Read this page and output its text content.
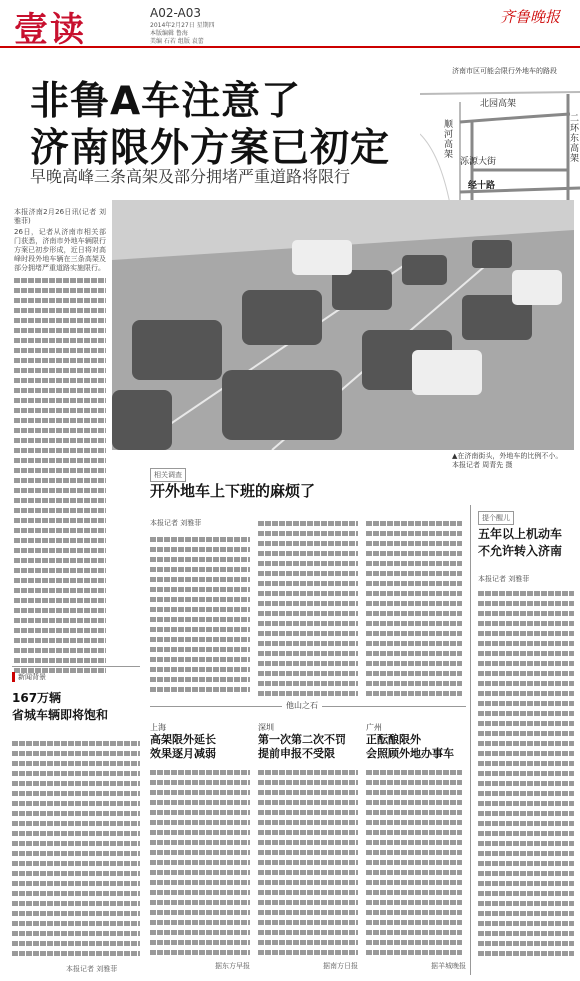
壹读	A02-A03
2014年2月27日 星期四
本版编辑 鲁海
美编 石若 组版 袁蕾
齐鲁晚报
非鲁A车注意了
济南限外方案已初定
早晚高峰三条高架及部分拥堵严重道路将限行
济南市区可能会限行外地车的路段
北园高架
顺河高架
二环东高架
泺源大街
经十路
本报济南2月26日讯(记者 刘雅菲)
26日，记者从济南市相关部门获悉，济南市外地车辆限行方案已初步形成，近日将对高峰时段外地车辆在三条高架及部分拥堵严重道路实施限行。
▲在济南街头，外地车的比例不小。
本报记者 周青先 摄
相关调查
开外地车上下班的麻烦了
本报记者 刘雅菲
提个醒儿
五年以上机动车
不允许转入济南
本报记者 刘雅菲
他山之石
上海
高架限外延长
效果逐月减弱
据东方早报
深圳
第一次第二次不罚
提前申报不受限
据南方日报
广州
正酝酿限外
会照顾外地办事车
据羊城晚报
新闻背景
167万辆
省城车辆即将饱和
本报记者 刘雅菲
